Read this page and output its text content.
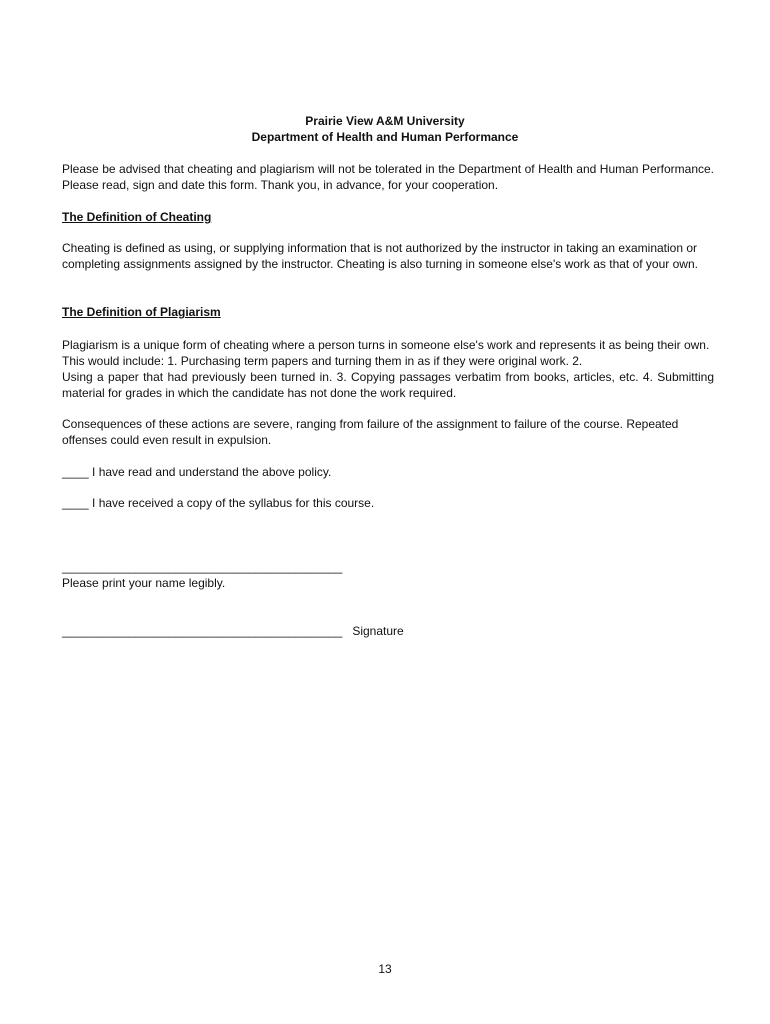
Prairie View A&M University
Department of Health and Human Performance
Please be advised that cheating and plagiarism will not be tolerated in the Department of Health and Human Performance. Please read, sign and date this form. Thank you, in advance, for your cooperation.
The Definition of Cheating
Cheating is defined as using, or supplying information that is not authorized by the instructor in taking an examination or completing assignments assigned by the instructor. Cheating is also turning in someone else's work as that of your own.
The Definition of Plagiarism
Plagiarism is a unique form of cheating where a person turns in someone else's work and represents it as being their own. This would include: 1. Purchasing term papers and turning them in as if they were original work. 2.
Using a paper that had previously been turned in. 3. Copying passages verbatim from books, articles, etc. 4. Submitting material for grades in which the candidate has not done the work required.
Consequences of these actions are severe, ranging from failure of the assignment to failure of the course. Repeated offenses could even result in expulsion.
____ I have read and understand the above policy.
____ I have received a copy of the syllabus for this course.
__________________________________________
Please print your name legibly.
__________________________________________ Signature
13
